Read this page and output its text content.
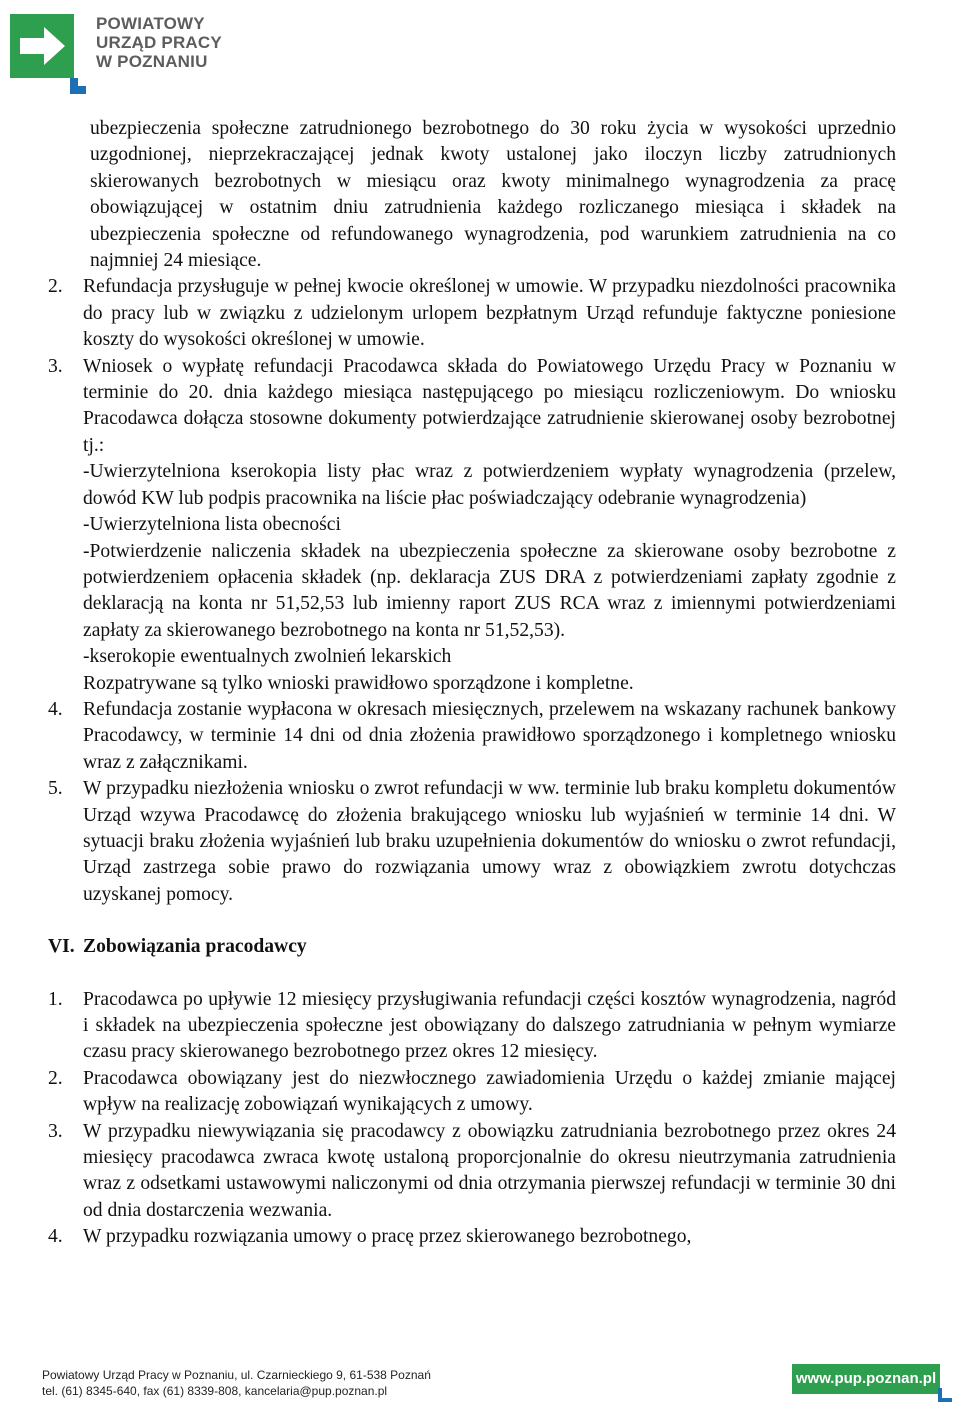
POWIATOWY
URZĄD PRACY
W POZNANIU
ubezpieczenia społeczne zatrudnionego bezrobotnego do 30 roku życia w wysokości uprzednio uzgodnionej, nieprzekraczającej jednak kwoty ustalonej jako iloczyn liczby zatrudnionych skierowanych bezrobotnych w miesiącu oraz kwoty minimalnego wynagrodzenia za pracę obowiązującej w ostatnim dniu zatrudnienia każdego rozliczanego miesiąca i składek na ubezpieczenia społeczne od refundowanego wynagrodzenia, pod warunkiem zatrudnienia na co najmniej 24 miesiące.
2. Refundacja przysługuje w pełnej kwocie określonej w umowie. W przypadku niezdolności pracownika do pracy lub w związku z udzielonym urlopem bezpłatnym Urząd refunduje faktyczne poniesione koszty do wysokości określonej w umowie.
3. Wniosek o wypłatę refundacji Pracodawca składa do Powiatowego Urzędu Pracy w Poznaniu w terminie do 20. dnia każdego miesiąca następującego po miesiącu rozliczeniowym. Do wniosku Pracodawca dołącza stosowne dokumenty potwierdzające zatrudnienie skierowanej osoby bezrobotnej tj.:
-Uwierzytelniona kserokopia listy płac wraz z potwierdzeniem wypłaty wynagrodzenia (przelew, dowód KW lub podpis pracownika na liście płac poświadczający odebranie wynagrodzenia)
-Uwierzytelniona lista obecności
-Potwierdzenie naliczenia składek na ubezpieczenia społeczne za skierowane osoby bezrobotne z potwierdzeniem opłacenia składek (np. deklaracja ZUS DRA z potwierdzeniami zapłaty zgodnie z deklaracją na konta nr 51,52,53 lub imienny raport ZUS RCA wraz z imiennymi potwierdzeniami zapłaty za skierowanego bezrobotnego na konta nr 51,52,53).
-kserokopie ewentualnych zwolnień lekarskich
Rozpatrywane są tylko wnioski prawidłowo sporządzone i kompletne.
4. Refundacja zostanie wypłacona w okresach miesięcznych, przelewem na wskazany rachunek bankowy Pracodawcy, w terminie 14 dni od dnia złożenia prawidłowo sporządzonego i kompletnego wniosku wraz z załącznikami.
5. W przypadku niezłożenia wniosku o zwrot refundacji w ww. terminie lub braku kompletu dokumentów Urząd wzywa Pracodawcę do złożenia brakującego wniosku lub wyjaśnień w terminie 14 dni. W sytuacji braku złożenia wyjaśnień lub braku uzupełnienia dokumentów do wniosku o zwrot refundacji, Urząd zastrzega sobie prawo do rozwiązania umowy wraz z obowiązkiem zwrotu dotychczas uzyskanej pomocy.
VI. Zobowiązania pracodawcy
1. Pracodawca po upływie 12 miesięcy przysługiwania refundacji części kosztów wynagrodzenia, nagród i składek na ubezpieczenia społeczne jest obowiązany do dalszego zatrudniania w pełnym wymiarze czasu pracy skierowanego bezrobotnego przez okres 12 miesięcy.
2. Pracodawca obowiązany jest do niezwłocznego zawiadomienia Urzędu o każdej zmianie mającej wpływ na realizację zobowiązań wynikających z umowy.
3. W przypadku niewywiązania się pracodawcy z obowiązku zatrudniania bezrobotnego przez okres 24 miesięcy pracodawca zwraca kwotę ustaloną proporcjonalnie do okresu nieutrzymania zatrudnienia wraz z odsetkami ustawowymi naliczonymi od dnia otrzymania pierwszej refundacji w terminie 30 dni od dnia dostarczenia wezwania.
4. W przypadku rozwiązania umowy o pracę przez skierowanego bezrobotnego,
Powiatowy Urząd Pracy w Poznaniu, ul. Czarnieckiego 9, 61-538 Poznań
tel. (61) 8345-640, fax (61) 8339-808, kancelaria@pup.poznan.pl
www.pup.poznan.pl
